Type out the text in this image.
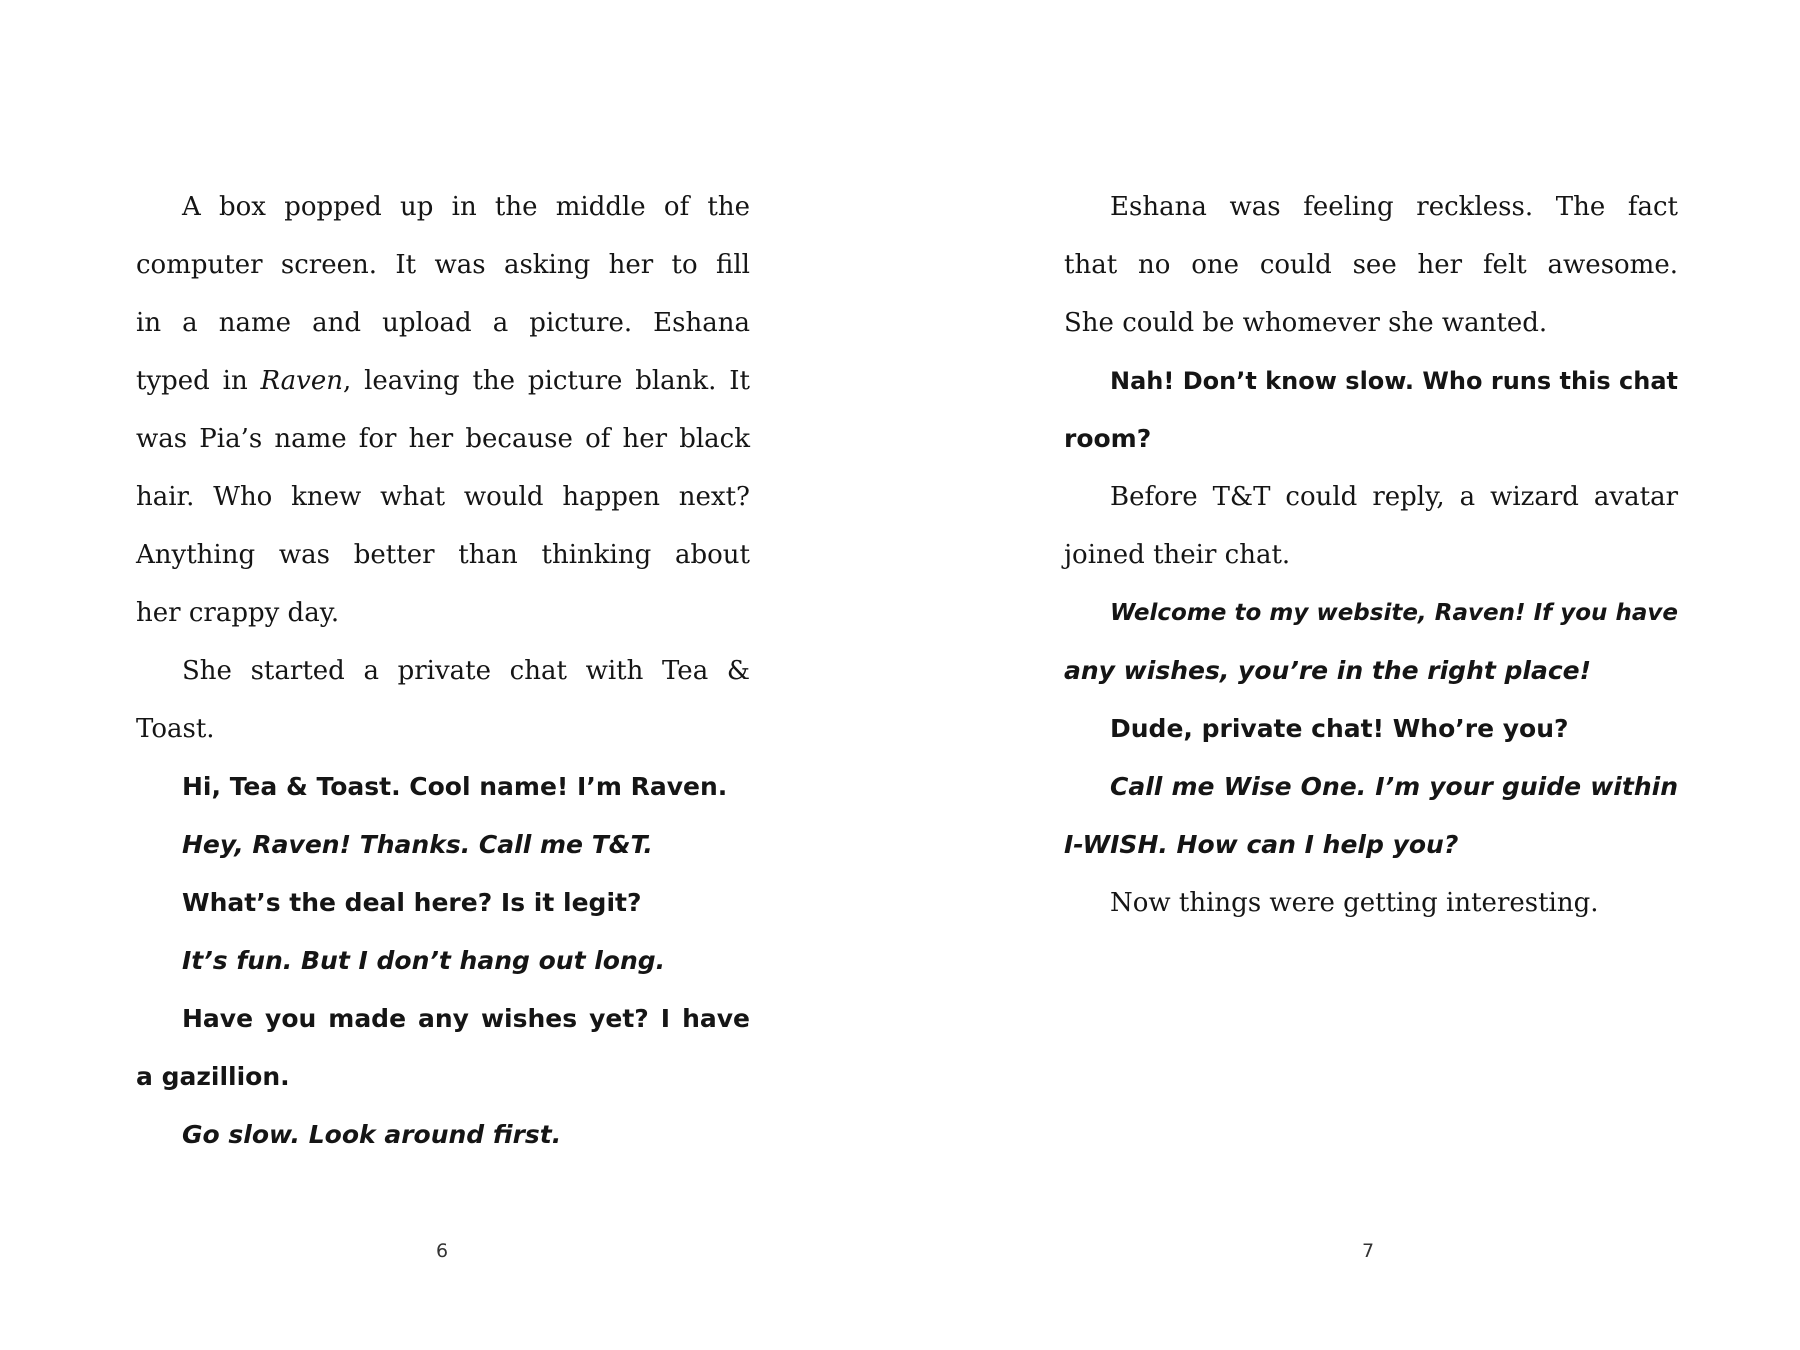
A box popped up in the middle of the
computer screen. It was asking her to fill
in a name and upload a picture. Eshana
typed in Raven, leaving the picture blank. It
was Pia’s name for her because of her black
hair. Who knew what would happen next?
Anything was better than thinking about
her crappy day.
She started a private chat with Tea &
Toast.
Hi, Tea & Toast. Cool name! I’m Raven.
Hey, Raven! Thanks. Call me T&T.
What’s the deal here? Is it legit?
It’s fun. But I don’t hang out long.
Have you made any wishes yet? I have
a gazillion.
Go slow. Look around first.
6
Eshana was feeling reckless. The fact
that no one could see her felt awesome.
She could be whomever she wanted.
Nah! Don’t know slow. Who runs this chat
room?
Before T&T could reply, a wizard avatar
joined their chat.
Welcome to my website, Raven! If you have
any wishes, you’re in the right place!
Dude, private chat! Who’re you?
Call me Wise One. I’m your guide within
I-WISH. How can I help you?
Now things were getting interesting.
7
